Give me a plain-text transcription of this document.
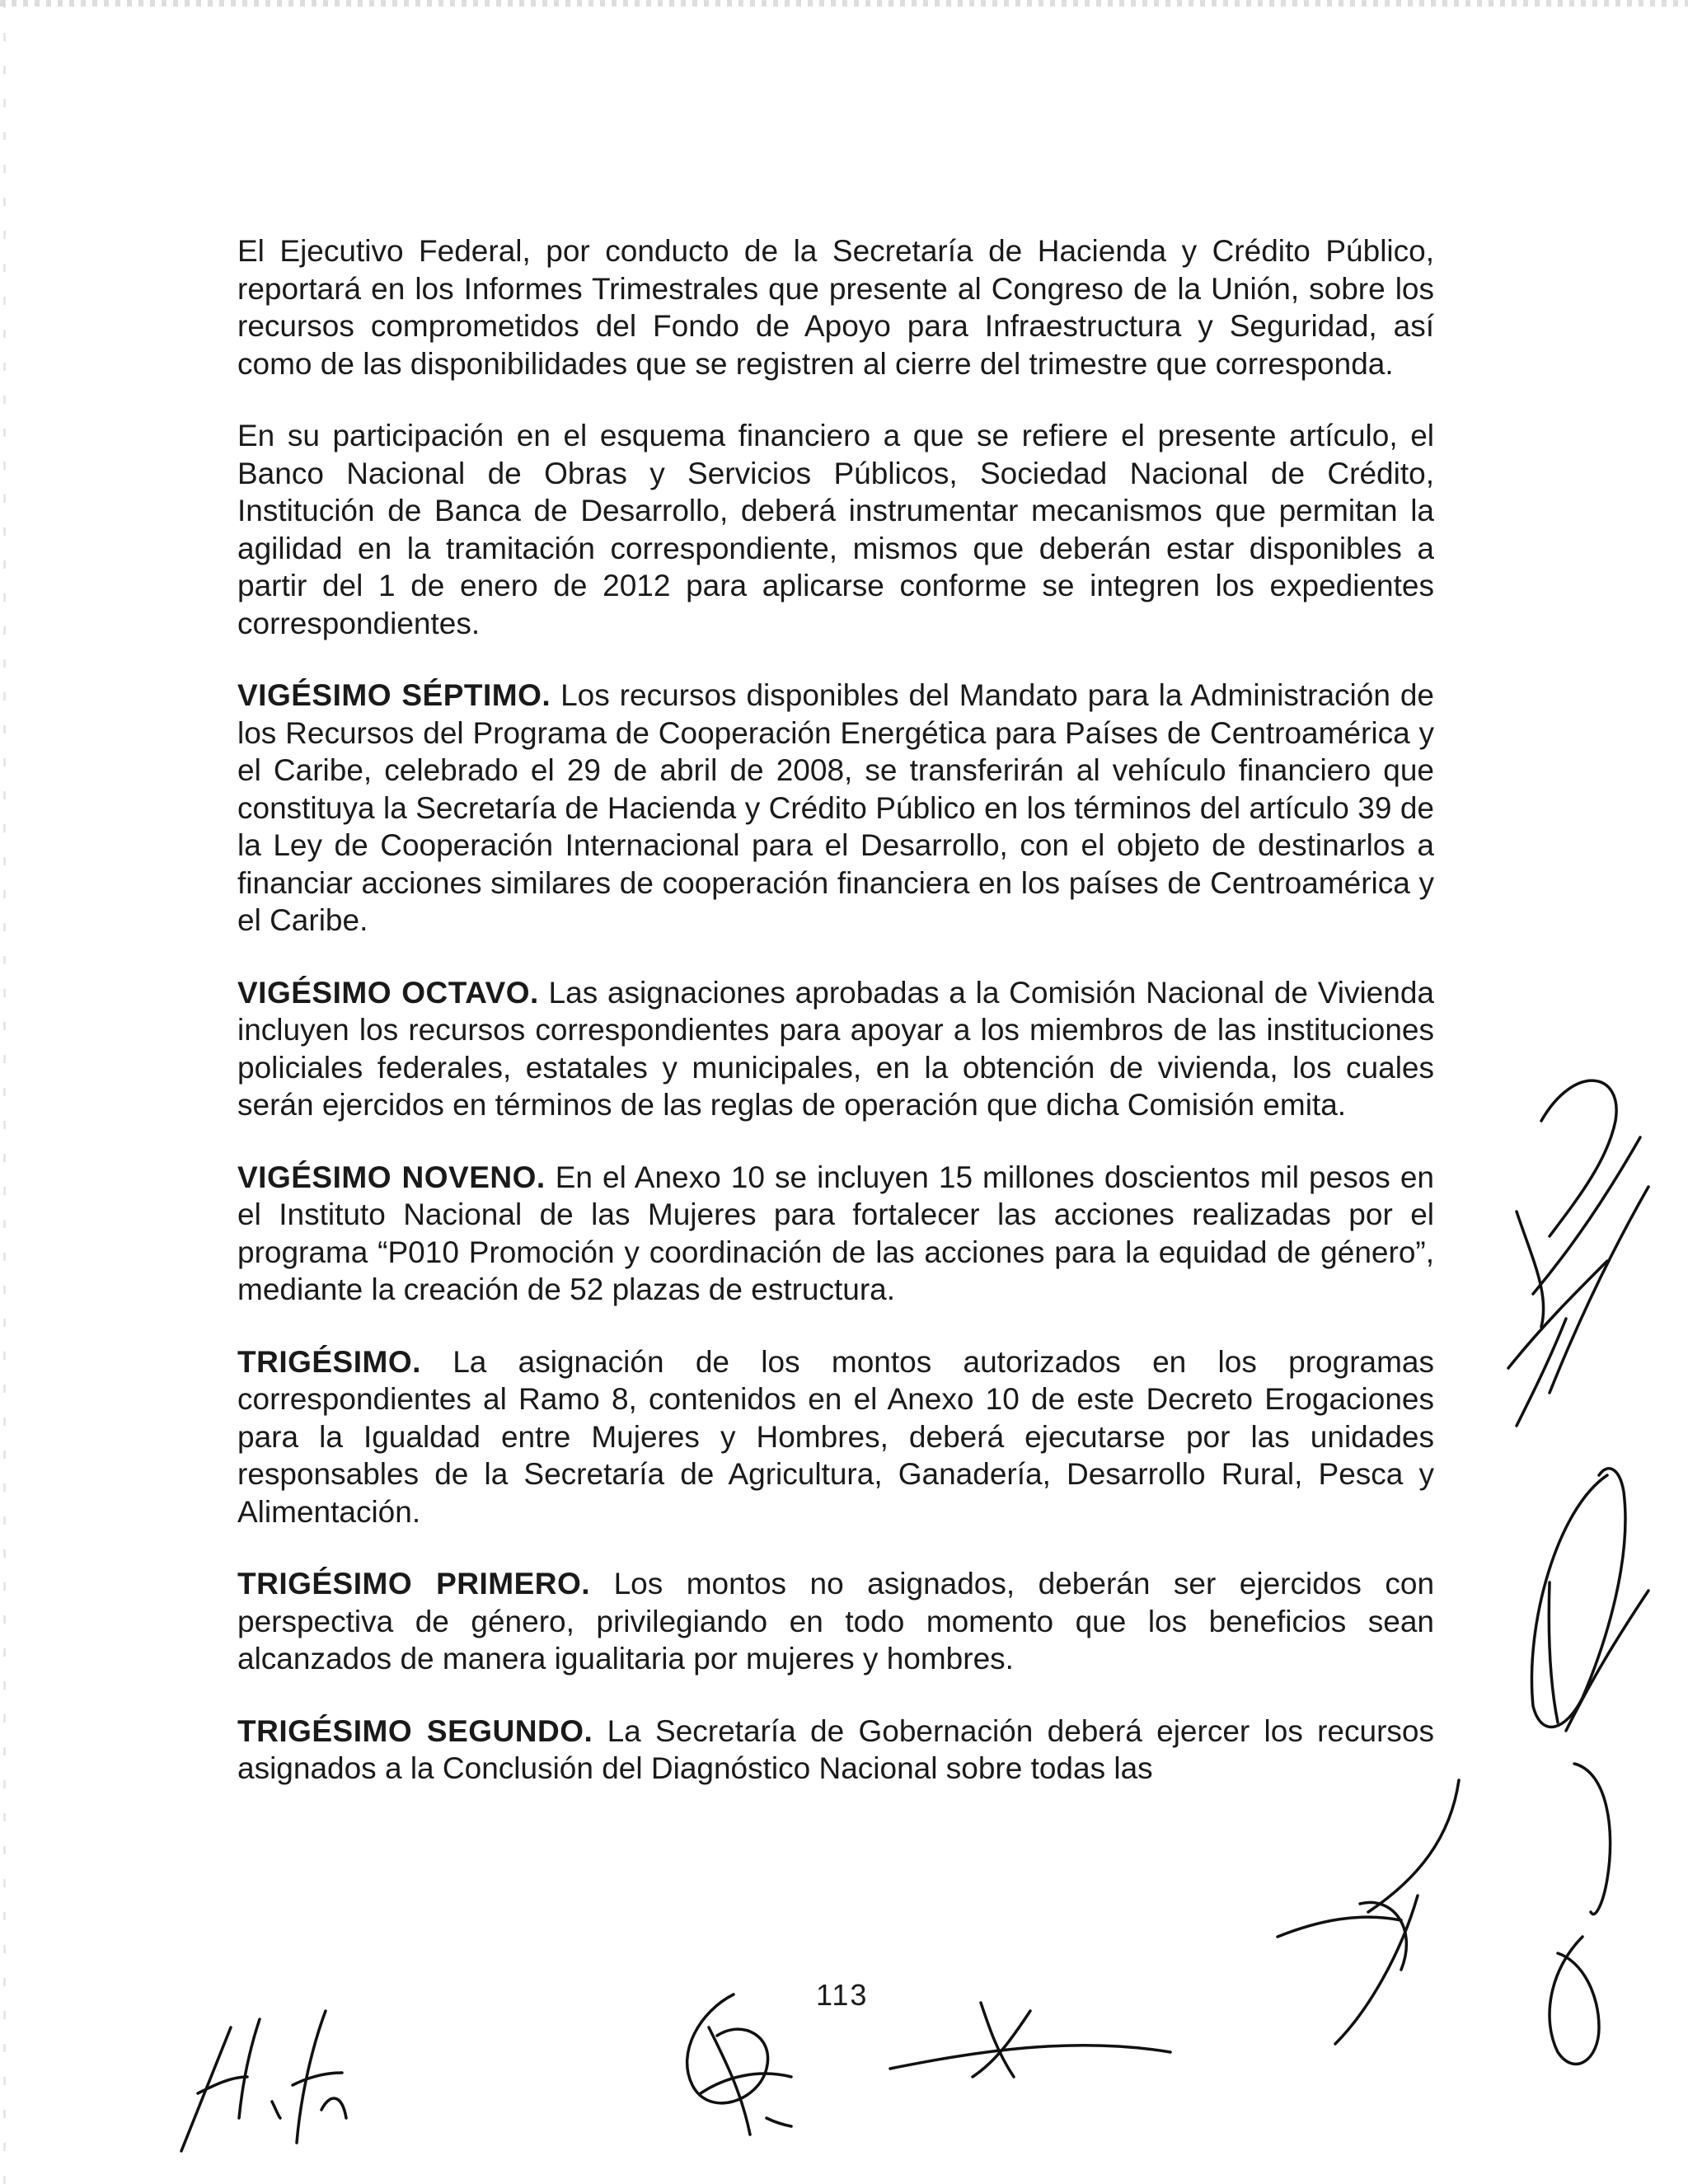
El Ejecutivo Federal, por conducto de la Secretaría de Hacienda y Crédito Público, reportará en los Informes Trimestrales que presente al Congreso de la Unión, sobre los recursos comprometidos del Fondo de Apoyo para Infraestructura y Seguridad, así como de las disponibilidades que se registren al cierre del trimestre que corresponda.

En su participación en el esquema financiero a que se refiere el presente artículo, el Banco Nacional de Obras y Servicios Públicos, Sociedad Nacional de Crédito, Institución de Banca de Desarrollo, deberá instrumentar mecanismos que permitan la agilidad en la tramitación correspondiente, mismos que deberán estar disponibles a partir del 1 de enero de 2012 para aplicarse conforme se integren los expedientes correspondientes.

VIGÉSIMO SÉPTIMO. Los recursos disponibles del Mandato para la Administración de los Recursos del Programa de Cooperación Energética para Países de Centroamérica y el Caribe, celebrado el 29 de abril de 2008, se transferirán al vehículo financiero que constituya la Secretaría de Hacienda y Crédito Público en los términos del artículo 39 de la Ley de Cooperación Internacional para el Desarrollo, con el objeto de destinarlos a financiar acciones similares de cooperación financiera en los países de Centroamérica y el Caribe.

VIGÉSIMO OCTAVO. Las asignaciones aprobadas a la Comisión Nacional de Vivienda incluyen los recursos correspondientes para apoyar a los miembros de las instituciones policiales federales, estatales y municipales, en la obtención de vivienda, los cuales serán ejercidos en términos de las reglas de operación que dicha Comisión emita.

VIGÉSIMO NOVENO. En el Anexo 10 se incluyen 15 millones doscientos mil pesos en el Instituto Nacional de las Mujeres para fortalecer las acciones realizadas por el programa “P010 Promoción y coordinación de las acciones para la equidad de género”, mediante la creación de 52 plazas de estructura.

TRIGÉSIMO. La asignación de los montos autorizados en los programas correspondientes al Ramo 8, contenidos en el Anexo 10 de este Decreto Erogaciones para la Igualdad entre Mujeres y Hombres, deberá ejecutarse por las unidades responsables de la Secretaría de Agricultura, Ganadería, Desarrollo Rural, Pesca y Alimentación.

TRIGÉSIMO PRIMERO. Los montos no asignados, deberán ser ejercidos con perspectiva de género, privilegiando en todo momento que los beneficios sean alcanzados de manera igualitaria por mujeres y hombres.

TRIGÉSIMO SEGUNDO. La Secretaría de Gobernación deberá ejercer los recursos asignados a la Conclusión del Diagnóstico Nacional sobre todas las

113
